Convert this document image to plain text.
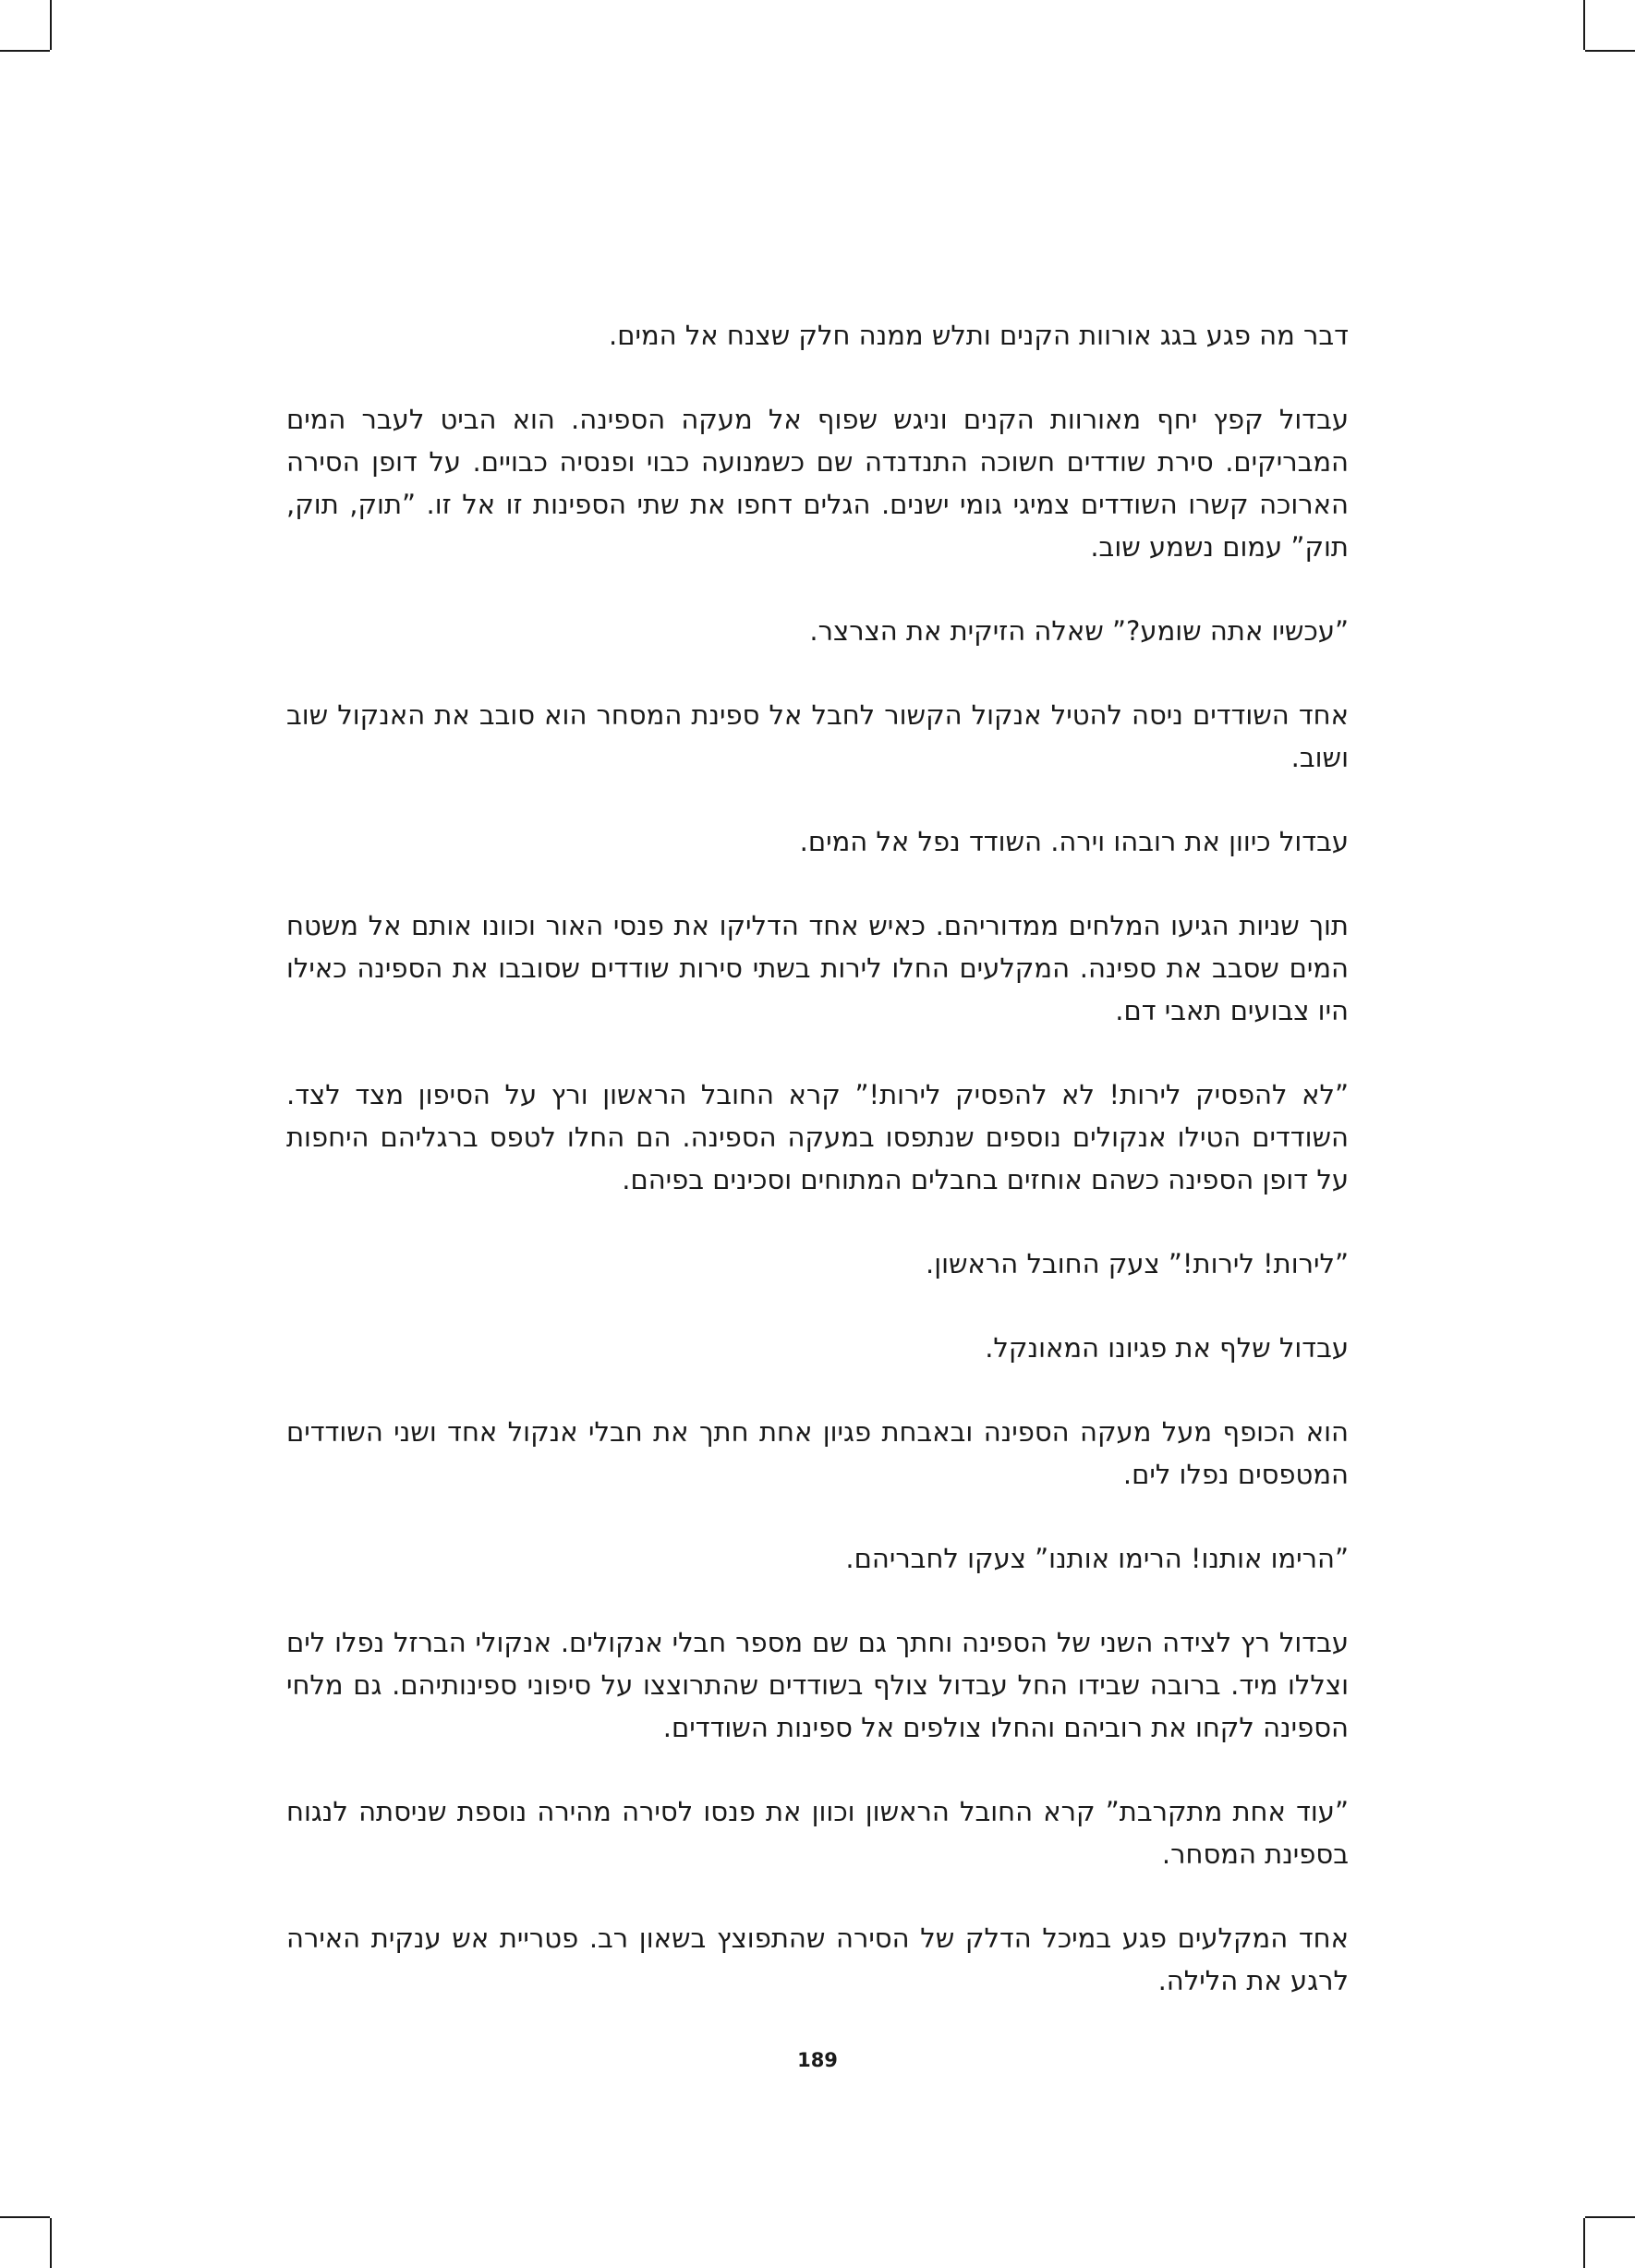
דבר מה פגע בגג אורוות הקנים ותלש ממנה חלק שצנח אל המים.

עבדול קפץ יחף מאורוות הקנים וניגש שפוף אל מעקה הספינה. הוא הביט לעבר המים המבריקים. סירת שודדים חשוכה התנדנדה שם כשמנועה כבוי ופנסיה כבויים. על דופן הסירה הארוכה קשרו השודדים צמיגי גומי ישנים. הגלים דחפו את שתי הספינות זו אל זו. ”תוק, תוק, תוק” עמום נשמע שוב.

”עכשיו אתה שומע?” שאלה הזיקית את הצרצר.

אחד השודדים ניסה להטיל אנקול הקשור לחבל אל ספינת המסחר הוא סובב את האנקול שוב ושוב.

עבדול כיוון את רובהו וירה. השודד נפל אל המים.

תוך שניות הגיעו המלחים ממדוריהם. כאיש אחד הדליקו את פנסי האור וכוונו אותם אל משטח המים שסבב את ספינה. המקלעים החלו לירות בשתי סירות שודדים שסובבו את הספינה כאילו היו צבועים תאבי דם.

”לא להפסיק לירות! לא להפסיק לירות!” קרא החובל הראשון ורץ על הסיפון מצד לצד. השודדים הטילו אנקולים נוספים שנתפסו במעקה הספינה. הם החלו לטפס ברגליהם היחפות על דופן הספינה כשהם אוחזים בחבלים המתוחים וסכינים בפיהם.

”לירות! לירות!” צעק החובל הראשון.

עבדול שלף את פגיונו המאונקל.

הוא הכופף מעל מעקה הספינה ובאבחת פגיון אחת חתך את חבלי אנקול אחד ושני השודדים המטפסים נפלו לים.

”הרימו אותנו! הרימו אותנו” צעקו לחבריהם.

עבדול רץ לצידה השני של הספינה וחתך גם שם מספר חבלי אנקולים. אנקולי הברזל נפלו לים וצללו מיד. ברובה שבידו החל עבדול צולף בשודדים שהתרוצצו על סיפוני ספינותיהם. גם מלחי הספינה לקחו את רוביהם והחלו צולפים אל ספינות השודדים.

”עוד אחת מתקרבת” קרא החובל הראשון וכוון את פנסו לסירה מהירה נוספת שניסתה לנגוח בספינת המסחר.

אחד המקלעים פגע במיכל הדלק של הסירה שהתפוצץ בשאון רב. פטריית אש ענקית האירה לרגע את הלילה.

189
